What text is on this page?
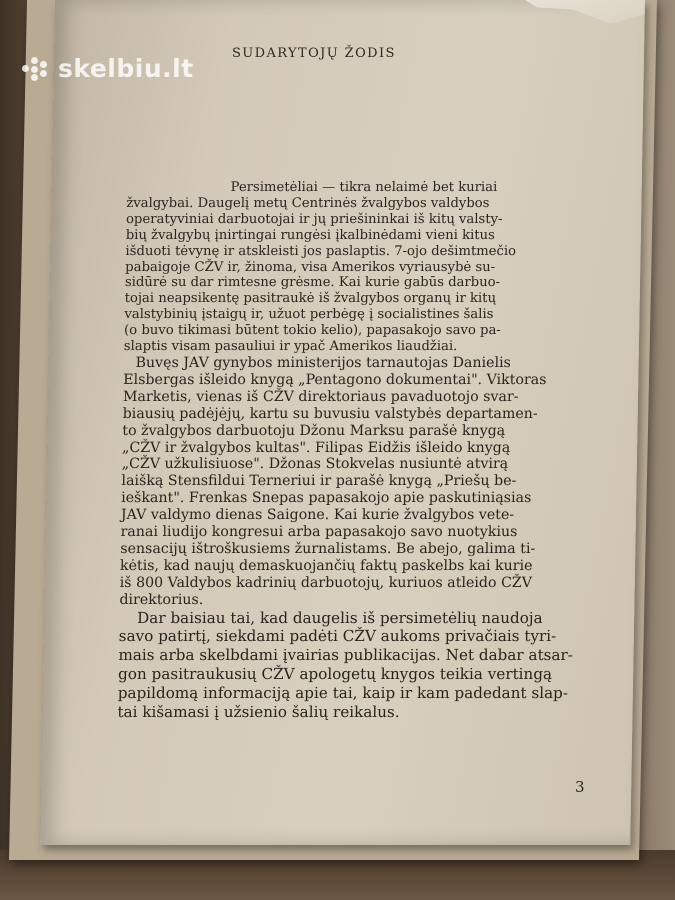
SUDARYTOJŲ ŽODIS

Persimetėliai — tikra nelaimė bet kuriai
žvalgybai. Daugelį metų Centrinės žvalgybos valdybos
operatyviniai darbuotojai ir jų priešininkai iš kitų valsty-
bių žvalgybų įnirtingai rungėsi įkalbinėdami vieni kitus
išduoti tėvynę ir atskleisti jos paslaptis. 7-ojo dešimtmečio
pabaigoje CŽV ir, žinoma, visa Amerikos vyriausybė su-
sidūrė su dar rimtesne grėsme. Kai kurie gabūs darbuo-
tojai neapsikentę pasitraukė iš žvalgybos organų ir kitų
valstybinių įstaigų ir, užuot perbėgę į socialistines šalis
(o buvo tikimasi būtent tokio kelio), papasakojo savo pa-
slaptis visam pasauliui ir ypač Amerikos liaudžiai.

Buvęs JAV gynybos ministerijos tarnautojas Danielis
Elsbergas išleido knygą „Pentagono dokumentai". Viktoras
Marketis, vienas iš CŽV direktoriaus pavaduotojo svar-
biausių padėjėjų, kartu su buvusiu valstybės departamen-
to žvalgybos darbuotoju Džonu Marksu parašė knygą
„CŽV ir žvalgybos kultas". Filipas Eidžis išleido knygą
„CŽV užkulisiuose". Džonas Stokvelas nusiuntė atvirą
laišką Stensfildui Terneriui ir parašė knygą „Priešų be-
ieškant". Frenkas Snepas papasakojo apie paskutiniąsias
JAV valdymo dienas Saigone. Kai kurie žvalgybos vete-
ranai liudijo kongresui arba papasakojo savo nuotykius
sensacijų ištroškusiems žurnalistams. Be abejo, galima ti-
kėtis, kad naujų demaskuojančių faktų paskelbs kai kurie
iš 800 Valdybos kadrinių darbuotojų, kuriuos atleido CŽV
direktorius.

Dar baisiau tai, kad daugelis iš persimetėlių naudoja
savo patirtį, siekdami padėti CŽV aukoms privačiais tyri-
mais arba skelbdami įvairias publikacijas. Net dabar atsar-
gon pasitraukusių CŽV apologetų knygos teikia vertingą
papildomą informaciją apie tai, kaip ir kam padedant slap-
tai kišamasi į užsienio šalių reikalus.

3
skelbiu.lt
